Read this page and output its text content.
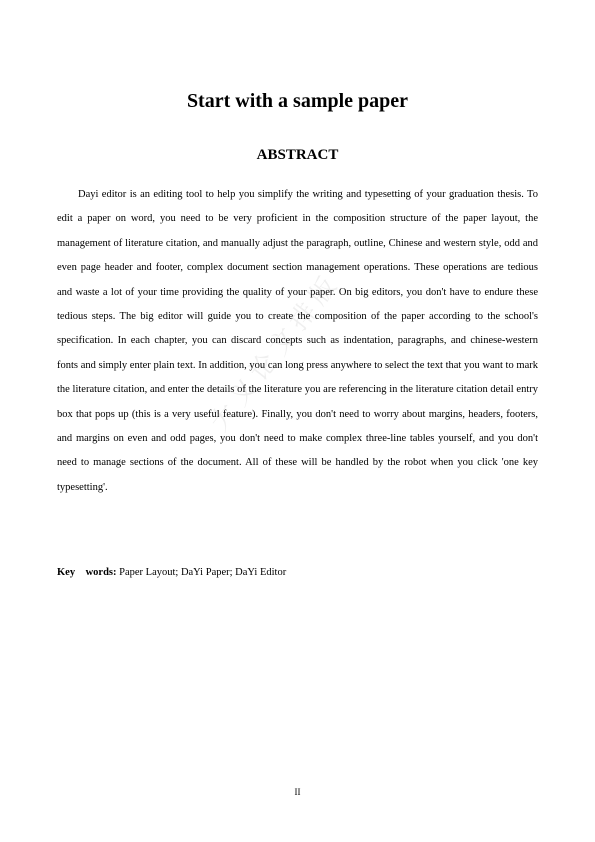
Start with a sample paper
ABSTRACT

Dayi editor is an editing tool to help you simplify the writing and typesetting of your graduation thesis. To edit a paper on word, you need to be very proficient in the composition structure of the paper layout, the management of literature citation, and manually adjust the paragraph, outline, Chinese and western style, odd and even page header and footer, complex document section management operations. These operations are tedious and waste a lot of your time providing the quality of your paper. On big editors, you don't have to endure these tedious steps. The big editor will guide you to create the composition of the paper according to the school's specification. In each chapter, you can discard concepts such as indentation, paragraphs, and chinese-western fonts and simply enter plain text. In addition, you can long press anywhere to select the text that you want to mark the literature citation, and enter the details of the literature you are referencing in the literature citation detail entry box that pops up (this is a very useful feature). Finally, you don't need to worry about margins, headers, footers, and margins on even and odd pages, you don't need to make complex three-line tables yourself, and you don't need to manage sections of the document. All of these will be handled by the robot when you click 'one key typesetting'.

大义论文排版
Key    words: Paper Layout; DaYi Paper; DaYi Editor
II
